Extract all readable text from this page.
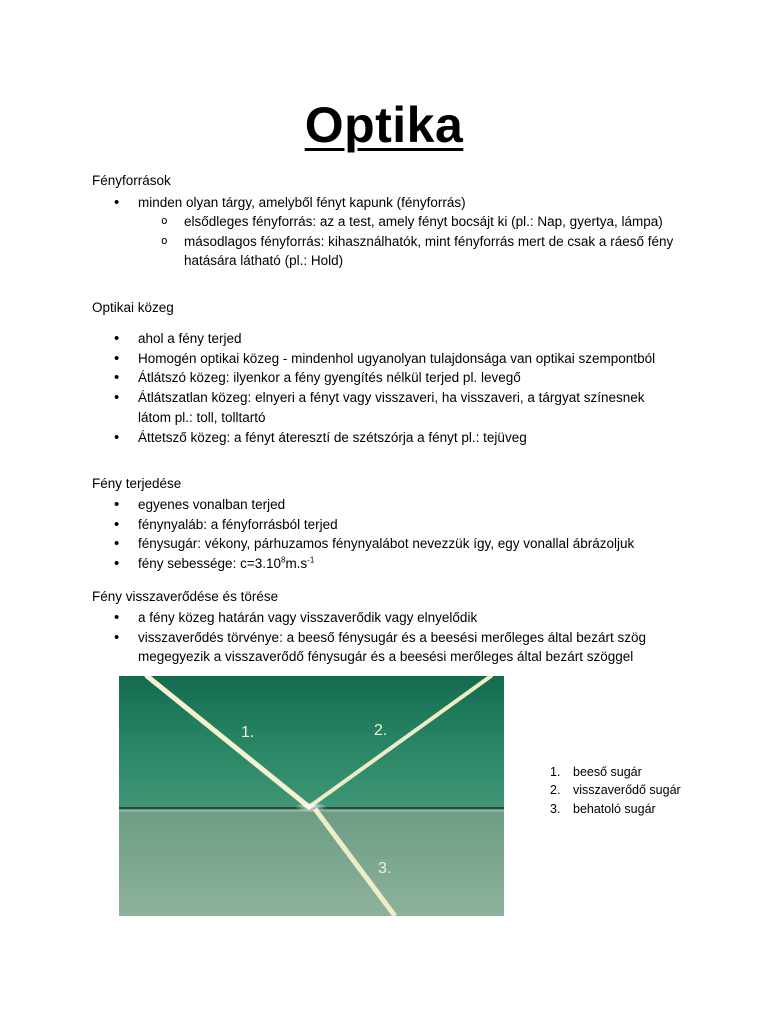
Optika

Fényforrások

• minden olyan tárgy, amelyből fényt kapunk (fényforrás)
o elsődleges fényforrás: az a test, amely fényt bocsájt ki (pl.: Nap, gyertya, lámpa)
o másodlagos fényforrás: kihasználhatók, mint fényforrás mert de csak a ráeső fény hatására látható (pl.: Hold)

Optikai közeg

• ahol a fény terjed
• Homogén optikai közeg - mindenhol ugyanolyan tulajdonsága van optikai szempontból
• Átlátszó közeg: ilyenkor a fény gyengítés nélkül terjed pl. levegő
• Átlátszatlan közeg: elnyeri a fényt vagy visszaveri, ha visszaveri, a tárgyat színesnek látom pl.: toll, tolltartó
• Áttetsző közeg: a fényt áteresztí de szétszórja a fényt pl.: tejüveg

Fény terjedése

• egyenes vonalban terjed
• fénynyaláb: a fényforrásból terjed
• fénysugár: vékony, párhuzamos fénynyalábot nevezzük így, egy vonallal ábrázoljuk
• fény sebessége: $c=3.10^8m.s^{-1}$

Fény visszaverődése és törése

• a fény közeg határán vagy visszaverődik vagy elnyelődik
• visszaverődés törvénye: a beeső fénysugár és a beesési merőleges által bezárt szög megegyezik a visszaverődő fénysugár és a beesési merőleges által bezárt szöggel
1.	2.
3.
1. beeső sugár
2. visszaverődő sugár
3. behatoló sugár
